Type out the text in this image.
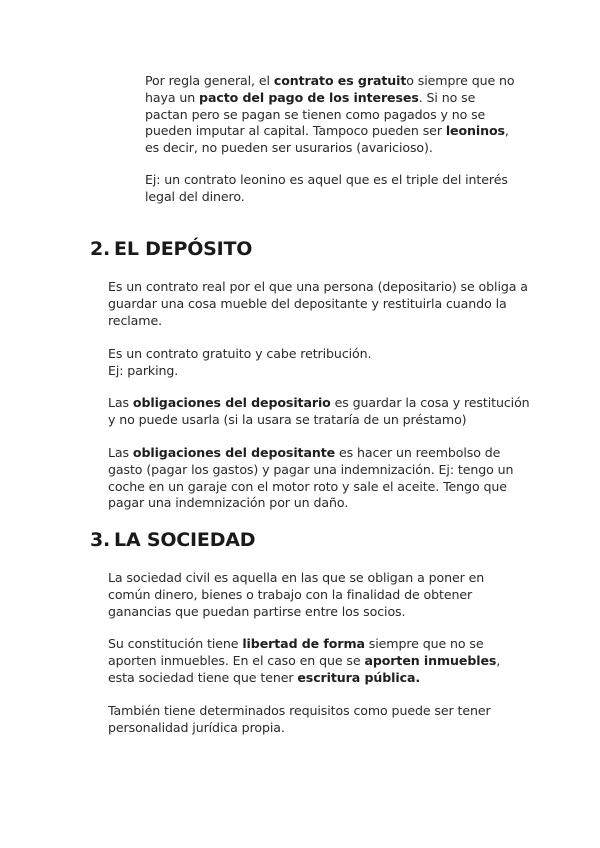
Por regla general, el contrato es gratuito siempre que no haya un pacto del pago de los intereses. Si no se pactan pero se pagan se tienen como pagados y no se pueden imputar al capital. Tampoco pueden ser leoninos, es decir, no pueden ser usurarios (avaricioso).

Ej: un contrato leonino es aquel que es el triple del interés legal del dinero.

2. EL DEPÓSITO

Es un contrato real por el que una persona (depositario) se obliga a guardar una cosa mueble del depositante y restituirla cuando la reclame.

Es un contrato gratuito y cabe retribución.

Ej: parking.

Las obligaciones del depositario es guardar la cosa y restitución y no puede usarla (si la usara se trataría de un préstamo)

Las obligaciones del depositante es hacer un reembolso de gasto (pagar los gastos) y pagar una indemnización. Ej: tengo un coche en un garaje con el motor roto y sale el aceite. Tengo que pagar una indemnización por un daño.

3. LA SOCIEDAD

La sociedad civil es aquella en las que se obligan a poner en común dinero, bienes o trabajo con la finalidad de obtener ganancias que puedan partirse entre los socios.

Su constitución tiene libertad de forma siempre que no se aporten inmuebles. En el caso en que se aporten inmuebles, esta sociedad tiene que tener escritura pública.

También tiene determinados requisitos como puede ser tener personalidad jurídica propia.
